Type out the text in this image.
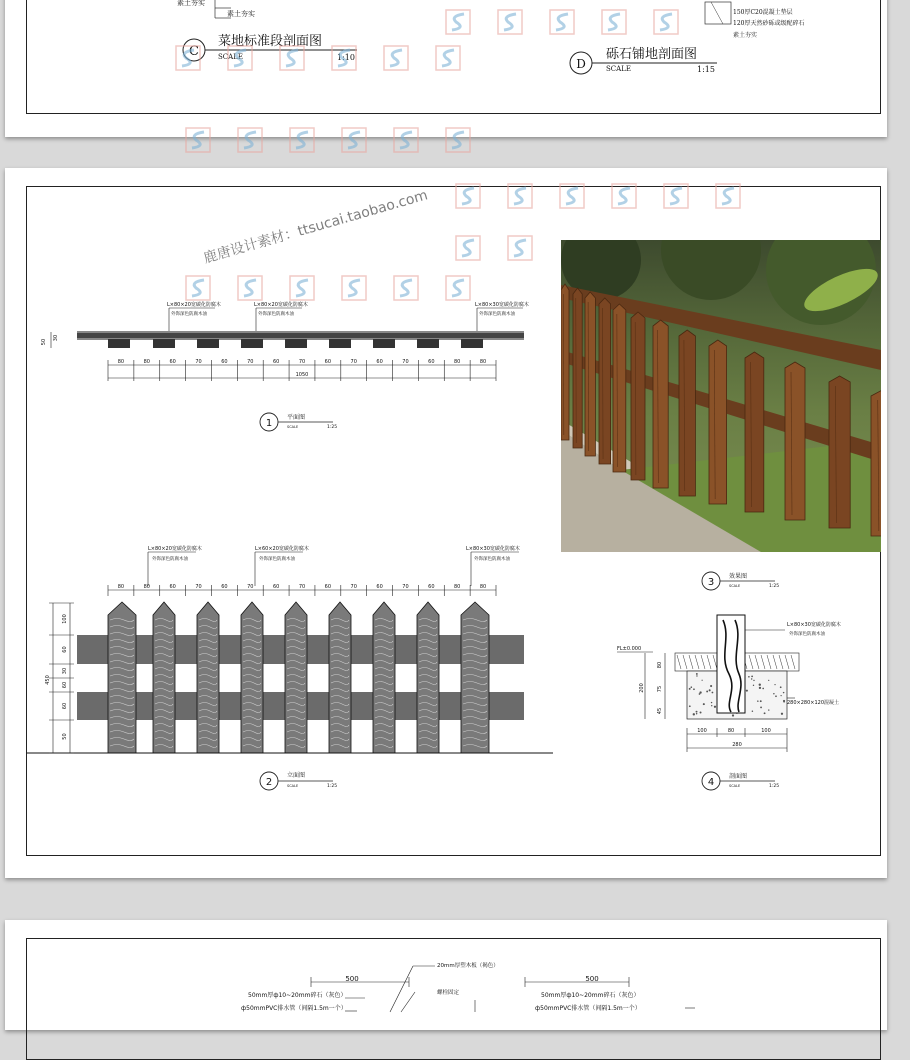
素土夯实
素土夯实
C
菜地标准段剖面图
SCALE	1:10
150厚C20混凝土垫层
120厚天然砂砾或级配碎石
素土夯实
D
砾石铺地剖面图
SCALE	1:15
鹿唐设计素材：ttsucai.taobao.com
50
30
L×80×20宽碳化防腐木
外饰深色防腐木油
L×80×20宽碳化防腐木
外饰深色防腐木油
L×80×30宽碳化防腐木
外饰深色防腐木油
80	80	60	70	60	70	60	70	60	70	60	70	60	80	80
1050
1
平面图
SCALE	1:25
L×80×20宽碳化防腐木
外饰深色防腐木油
L×60×20宽碳化防腐木
外饰深色防腐木油
L×80×30宽碳化防腐木
外饰深色防腐木油
80	80	60	70	60	70	60	70	60	70	60	70	60	80	80
100
60
30
60
60
50
450
2
立面图
SCALE	1:25
3
效果图
SCALE	1:25
FL±0.000
L×80×30宽碳化防腐木
外饰深色防腐木油
280×280×120混凝土
80
75
45
200
100	80	100
280
4
剖面图
SCALE	1:25
500	500
20mm厚塑木板（褐色）
螺栓固定
50mm厚ф10~20mm碎石（灰色）
ф50mmPVC排水管（间隔1.5m一个）
50mm厚ф10~20mm碎石（灰色）
ф50mmPVC排水管（间隔1.5m一个）
